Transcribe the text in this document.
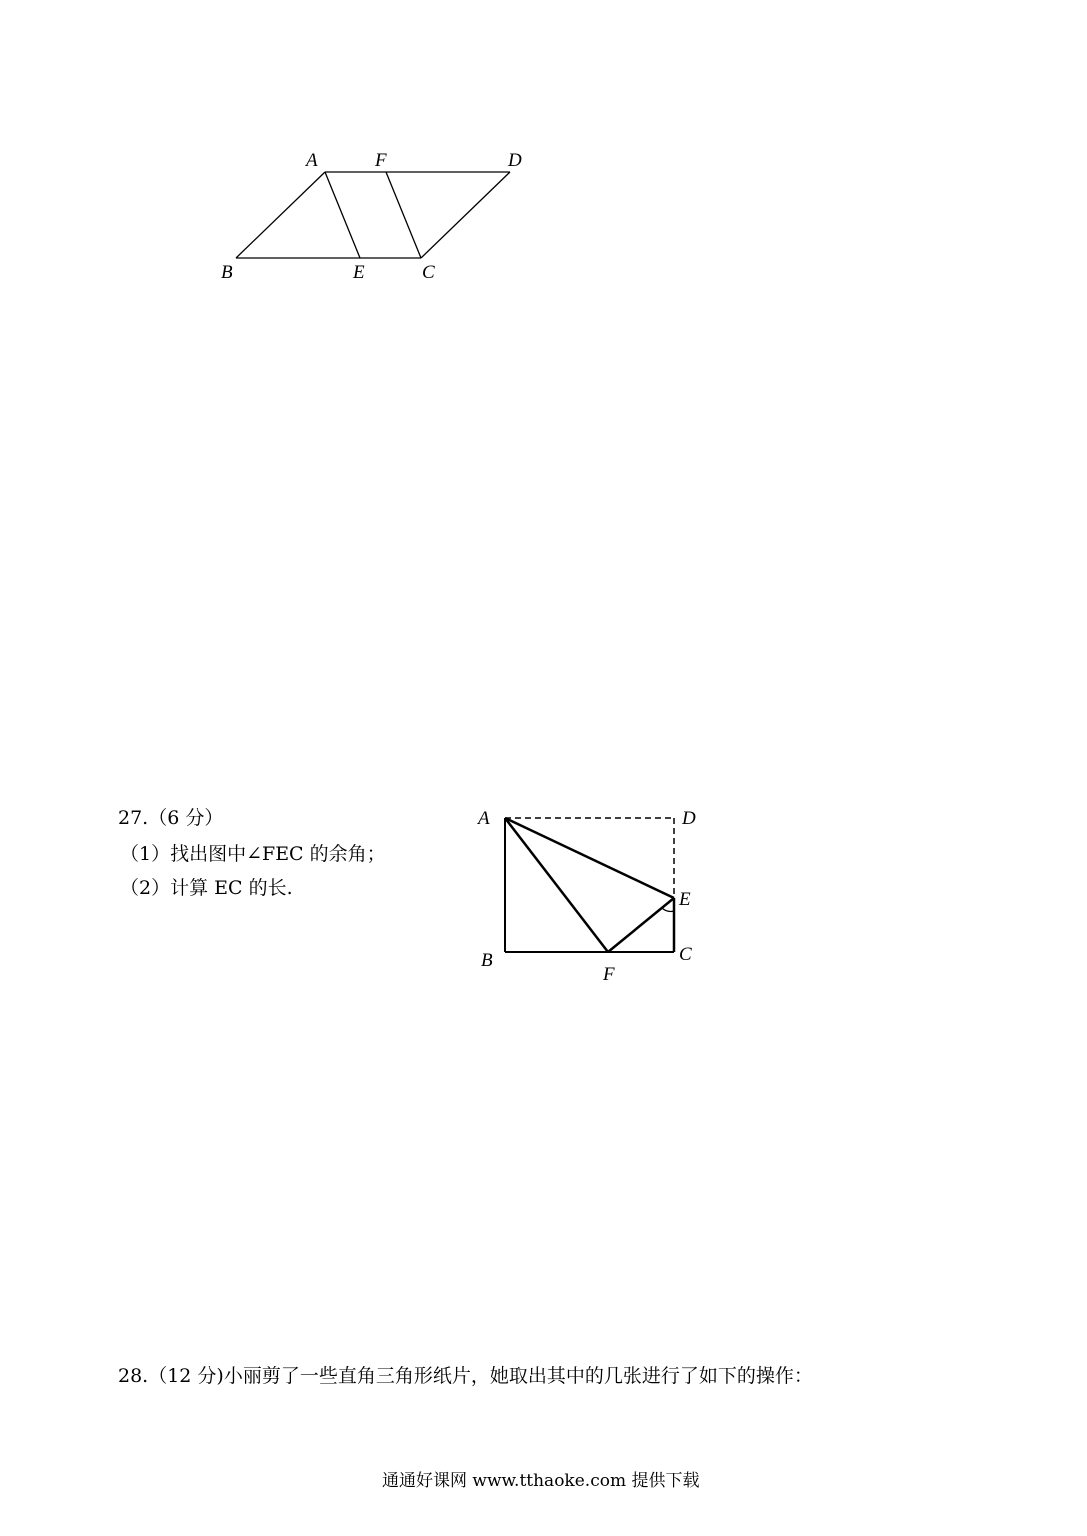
A	F	D
B	E	C
27.（6 分）
（1）找出图中∠FEC 的余角；
（2）计算 EC 的长.
A	D
E
B
F
C
28.（12 分)小丽剪了一些直角三角形纸片，她取出其中的几张进行了如下的操作：
通通好课网 www.tthaoke.com 提供下载
